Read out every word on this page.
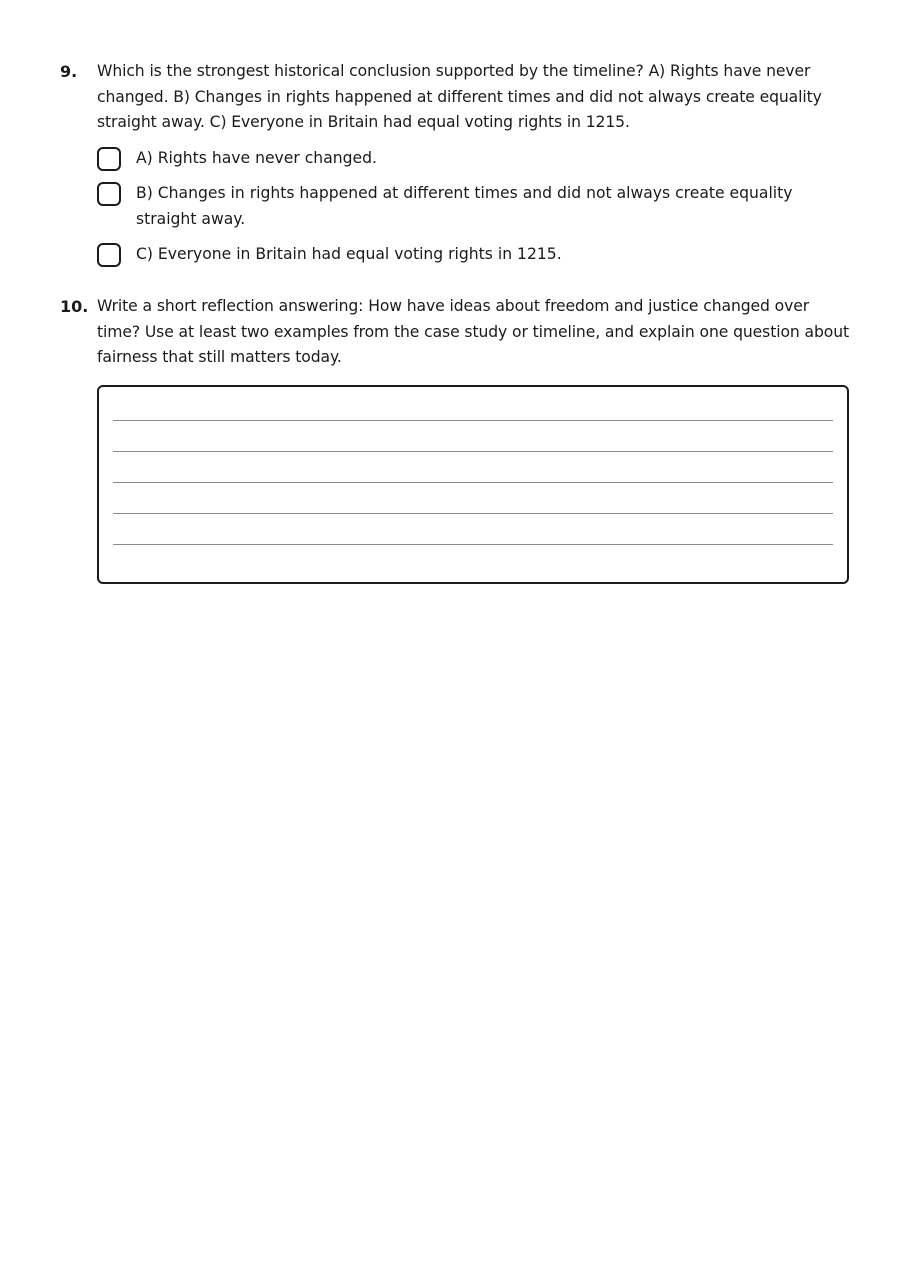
9. Which is the strongest historical conclusion supported by the timeline? A) Rights have never changed. B) Changes in rights happened at different times and did not always create equality straight away. C) Everyone in Britain had equal voting rights in 1215.
A) Rights have never changed.
B) Changes in rights happened at different times and did not always create equality straight away.
C) Everyone in Britain had equal voting rights in 1215.
10. Write a short reflection answering: How have ideas about freedom and justice changed over time? Use at least two examples from the case study or timeline, and explain one question about fairness that still matters today.
